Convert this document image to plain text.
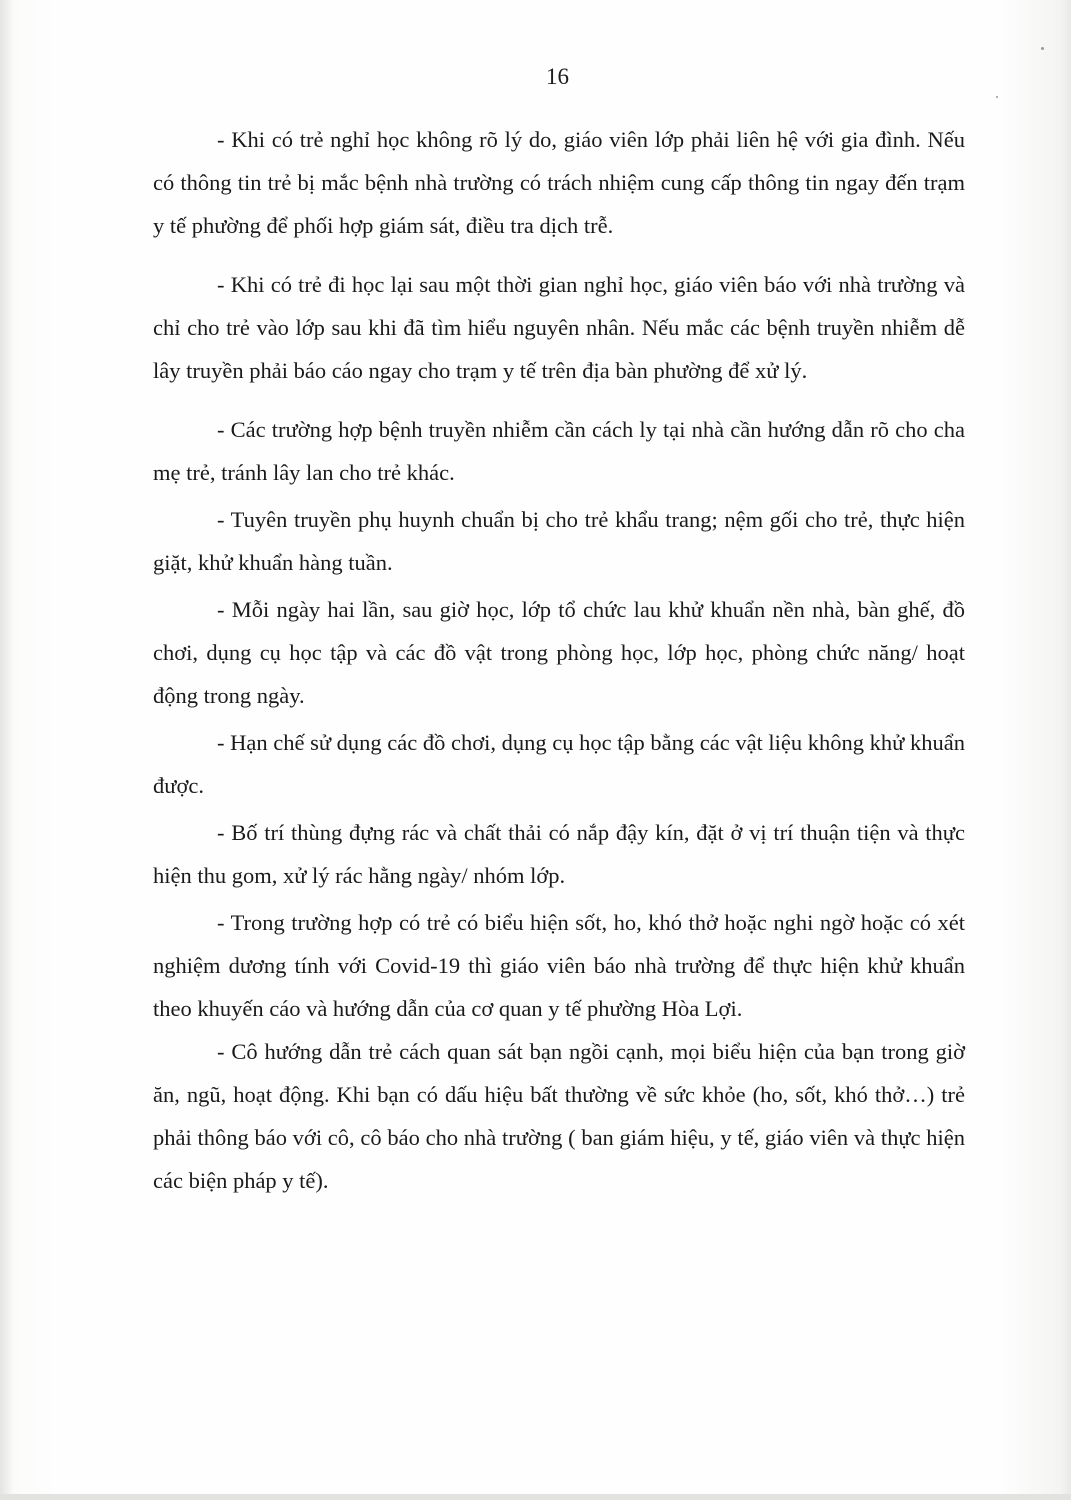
16

- Khi có trẻ nghỉ học không rõ lý do, giáo viên lớp phải liên hệ với gia đình. Nếu có thông tin trẻ bị mắc bệnh nhà trường có trách nhiệm cung cấp thông tin ngay đến trạm y tế phường để phối hợp giám sát, điều tra dịch trễ.

- Khi có trẻ đi học lại sau một thời gian nghỉ học, giáo viên báo với nhà trường và chỉ cho trẻ vào lớp sau khi đã tìm hiểu nguyên nhân. Nếu mắc các bệnh truyền nhiễm dễ lây truyền phải báo cáo ngay cho trạm y tế trên địa bàn phường để xử lý.

- Các trường hợp bệnh truyền nhiễm cần cách ly tại nhà cần hướng dẫn rõ cho cha mẹ trẻ, tránh lây lan cho trẻ khác.

- Tuyên truyền phụ huynh chuẩn bị cho trẻ khẩu trang; nệm gối cho trẻ, thực hiện giặt, khử khuẩn hàng tuần.

- Mỗi ngày hai lần, sau giờ học, lớp tổ chức lau khử khuẩn nền nhà, bàn ghế, đồ chơi, dụng cụ học tập và các đồ vật trong phòng học, lớp học, phòng chức năng/ hoạt động trong ngày.

- Hạn chế sử dụng các đồ chơi, dụng cụ học tập bằng các vật liệu không khử khuẩn được.

- Bố trí thùng đựng rác và chất thải có nắp đậy kín, đặt ở vị trí thuận tiện và thực hiện thu gom, xử lý rác hằng ngày/ nhóm lớp.

- Trong trường hợp có trẻ có biểu hiện sốt, ho, khó thở hoặc nghi ngờ hoặc có xét nghiệm dương tính với Covid-19 thì giáo viên báo nhà trường để thực hiện khử khuẩn theo khuyến cáo và hướng dẫn của cơ quan y tế phường Hòa Lợi.

- Cô hướng dẫn trẻ cách quan sát bạn ngồi cạnh, mọi biểu hiện của bạn trong giờ ăn, ngũ, hoạt động. Khi bạn có dấu hiệu bất thường về sức khỏe (ho, sốt, khó thở…) trẻ phải thông báo với cô, cô báo cho nhà trường ( ban giám hiệu, y tế, giáo viên và thực hiện các biện pháp y tế).
